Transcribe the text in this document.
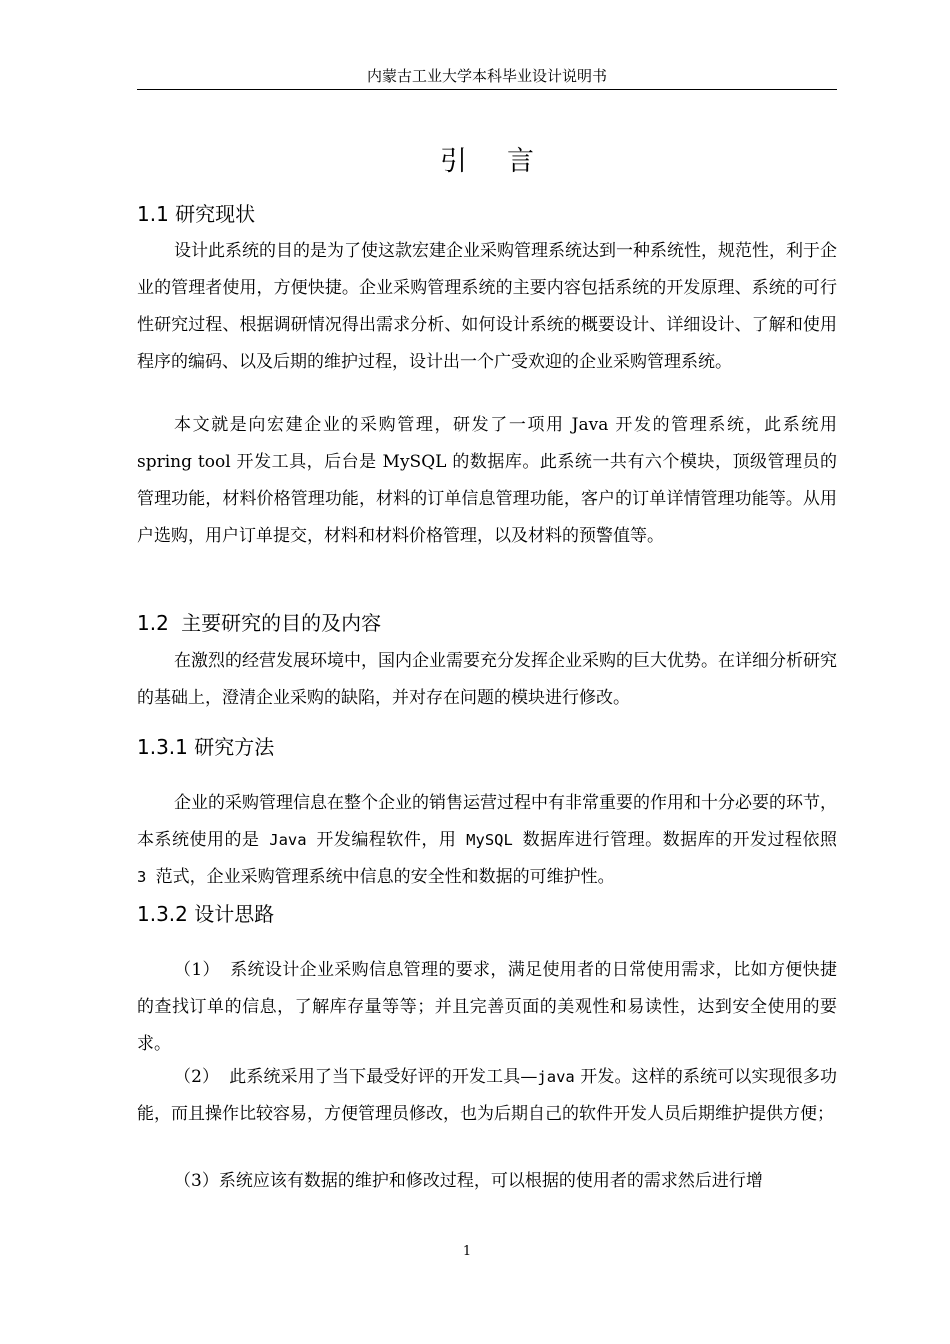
内蒙古工业大学本科毕业设计说明书
引言
1.1 研究现状

设计此系统的目的是为了使这款宏建企业采购管理系统达到一种系统性，规范性，利于企业的管理者使用，方便快捷。企业采购管理系统的主要内容包括系统的开发原理、系统的可行性研究过程、根据调研情况得出需求分析、如何设计系统的概要设计、详细设计、了解和使用程序的编码、以及后期的维护过程，设计出一个广受欢迎的企业采购管理系统。

本文就是向宏建企业的采购管理，研发了一项用 Java 开发的管理系统，此系统用 spring tool 开发工具，后台是 MySQL 的数据库。此系统一共有六个模块，顶级管理员的管理功能，材料价格管理功能，材料的订单信息管理功能，客户的订单详情管理功能等。从用户选购，用户订单提交，材料和材料价格管理，以及材料的预警值等。

1.2 主要研究的目的及内容

在激烈的经营发展环境中，国内企业需要充分发挥企业采购的巨大优势。在详细分析研究的基础上，澄清企业采购的缺陷，并对存在问题的模块进行修改。

1.3.1 研究方法

企业的采购管理信息在整个企业的销售运营过程中有非常重要的作用和十分必要的环节，本系统使用的是 Java 开发编程软件，用 MySQL 数据库进行管理。数据库的开发过程依照 3 范式，企业采购管理系统中信息的安全性和数据的可维护性。

1.3.2 设计思路

（1） 系统设计企业采购信息管理的要求，满足使用者的日常使用需求，比如方便快捷的查找订单的信息，了解库存量等等；并且完善页面的美观性和易读性，达到安全使用的要求。

（2） 此系统采用了当下最受好评的开发工具—java 开发。这样的系统可以实现很多功能，而且操作比较容易，方便管理员修改，也为后期自己的软件开发人员后期维护提供方便；

（3）系统应该有数据的维护和修改过程，可以根据的使用者的需求然后进行增

1
